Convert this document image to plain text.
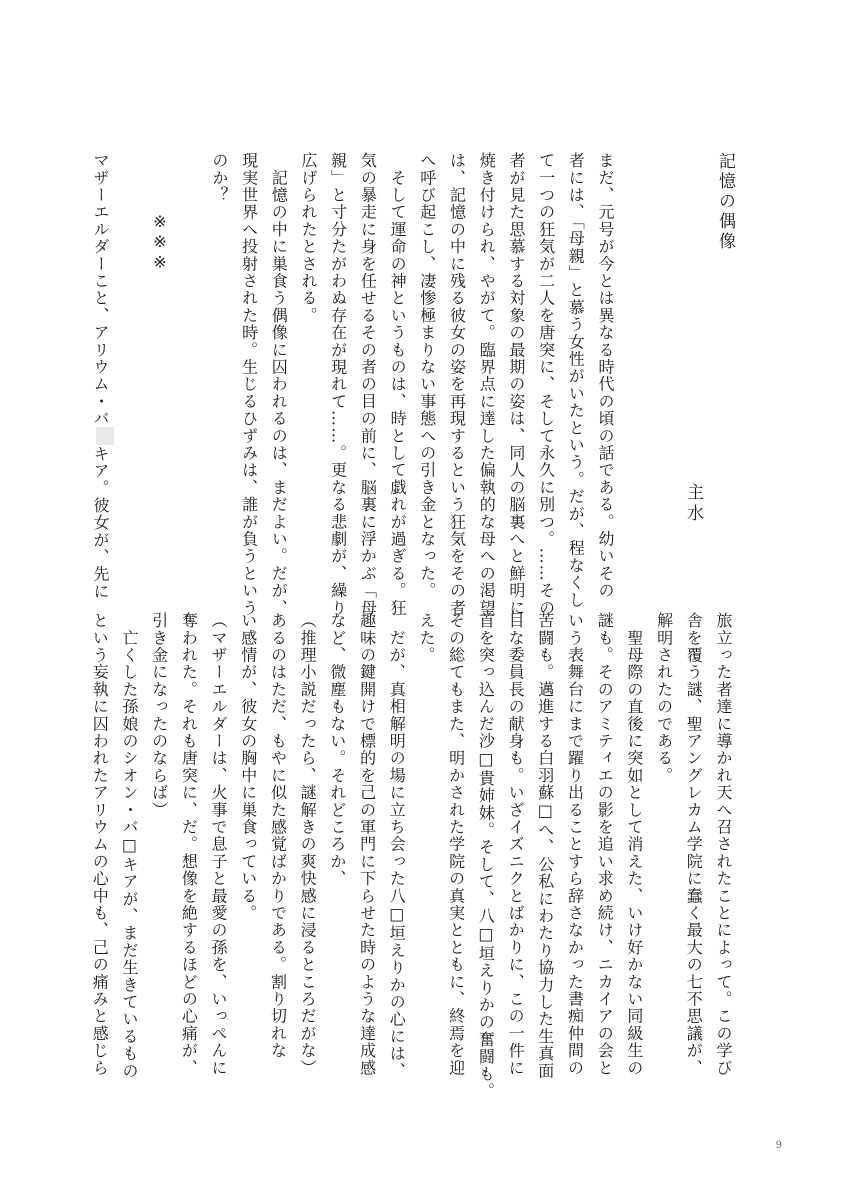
記憶の偶像
主水

まだ、元号が今とは異なる時代の頃の話である。幼いその

者には、「母親」と慕う女性がいたという。だが、程なくし

て一つの狂気が二人を唐突に、そして永久に別つ。……その

者が見た思慕する対象の最期の姿は、同人の脳裏へと鮮明に

焼き付けられ、やがて。臨界点に達した偏執的な母への渇望

は、記憶の中に残る彼女の姿を再現するという狂気をその者

へ呼び起こし、凄惨極まりない事態への引き金となった。

　そして運命の神というものは、時として戯れが過ぎる。狂

気の暴走に身を任せるその者の目の前に、脳裏に浮かぶ「母

親」と寸分たがわぬ存在が現れて……。更なる悲劇が、繰り

広げられたとされる。

　記憶の中に巣食う偶像に囚われるのは、まだよい。だが、

現実世界へ投射された時。生じるひずみは、誰が負うという

のか？

※※※

マザーエルダーこと、アリウム・バキア。彼女が、先に

旅立った者達に導かれ天へ召されたことによって。この学び

舎を覆う謎、聖アングレカム学院に蠢く最大の七不思議が、

解明されたのである。

　聖母際の直後に突如として消えた、いけ好かない同級生の

謎も。そのアミティエの影を追い求め続け、ニカイアの会と

いう表舞台にまで躍り出ることすら辞さなかった書痴仲間の

苦闘も。邁進する白羽蘇□へ、公私にわたり協力した生真面

目な委員長の献身も。いざイズニクとばかりに、この一件に

首を突っ込んだ沙□貴姉妹。そして、八□垣えりかの奮闘も。

その総てもまた、明かされた学院の真実とともに、終焉を迎

えた。

　だが、真相解明の場に立ち会った八□垣えりかの心には、

趣味の鍵開けで標的を己の軍門に下らせた時のような達成感

など、微塵もない。それどころか、

（推理小説だったら、謎解きの爽快感に浸るところだがな）

あるのはただ、もやに似た感覚ばかりである。割り切れな

い感情が、彼女の胸中に巣食っている。

（マザーエルダーは、火事で息子と最愛の孫を、いっぺんに

奪われた。それも唐突に、だ。想像を絶するほどの心痛が、

引き金になったのならば）

　亡くした孫娘のシオン・バ□キアが、まだ生きているもの

という妄執に囚われたアリウムの心中も、己の痛みと感じら

9
